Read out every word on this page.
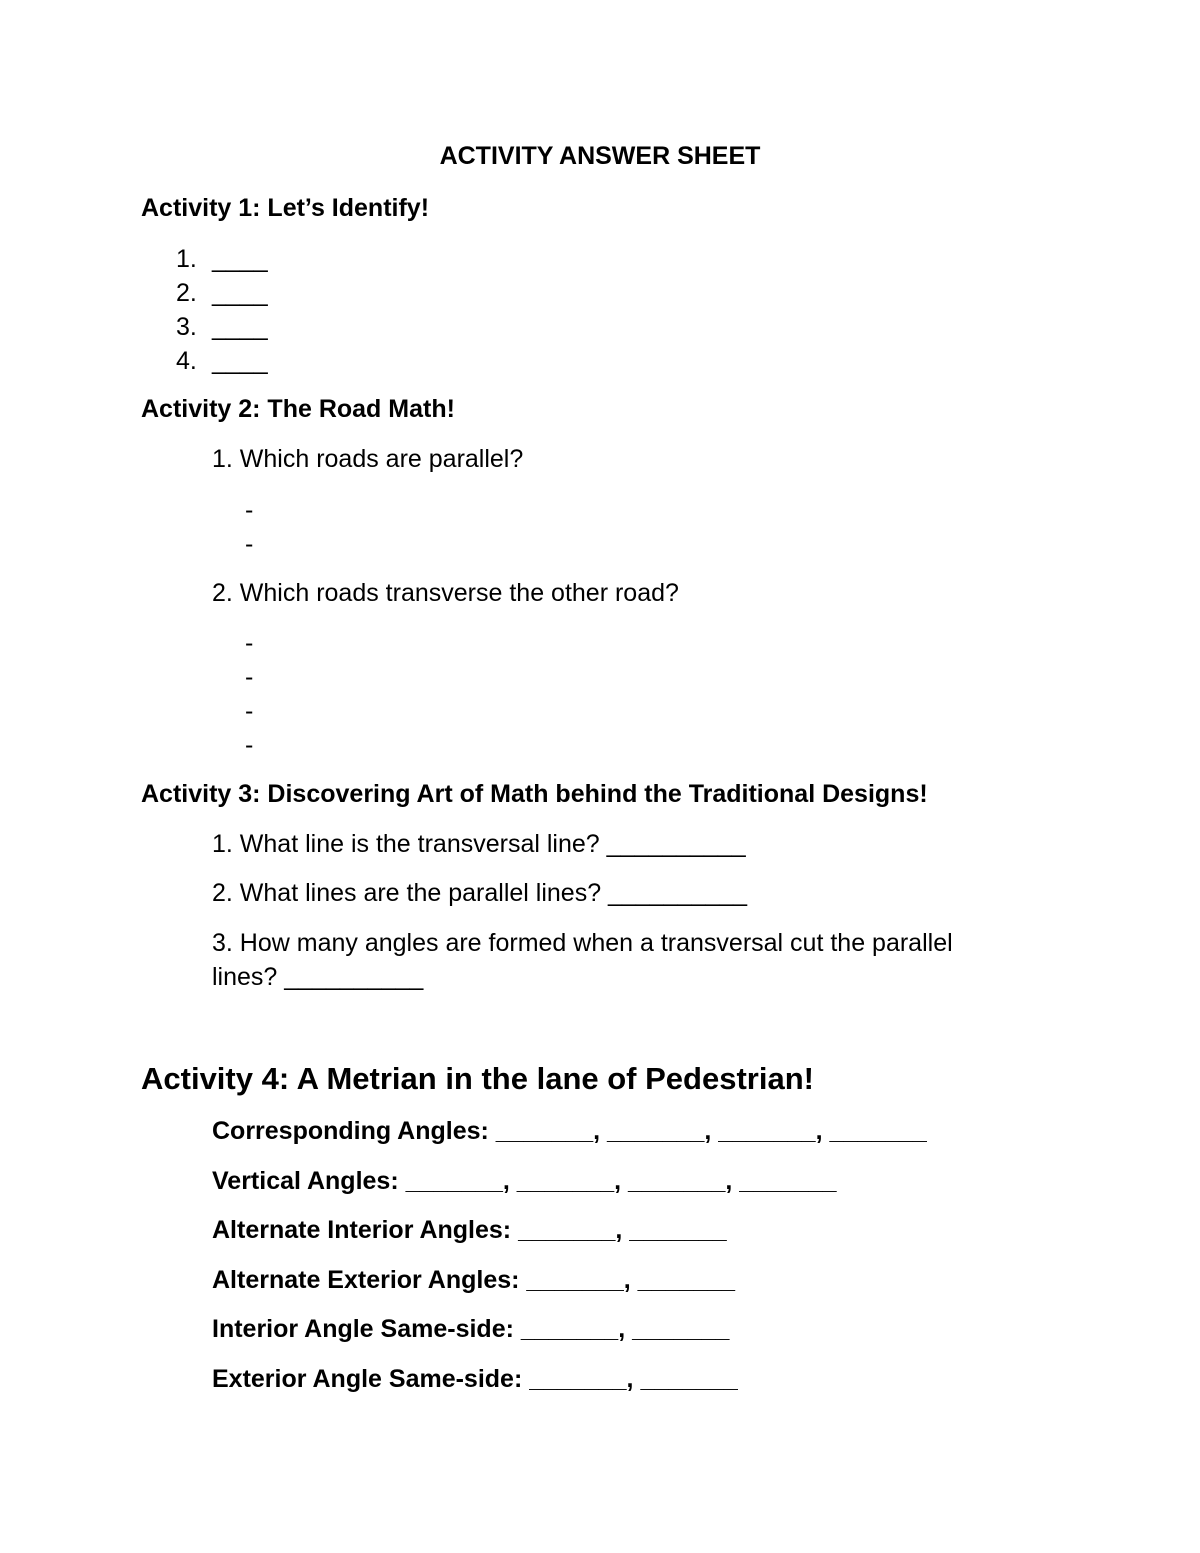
ACTIVITY ANSWER SHEET
Activity 1: Let’s Identify!
1. ____
2. ____
3. ____
4. ____
Activity 2: The Road Math!
1. Which roads are parallel?
-
-
2. Which roads transverse the other road?
-
-
-
-
Activity 3: Discovering Art of Math behind the Traditional Designs!
1. What line is the transversal line? __________
2. What lines are the parallel lines? __________
3. How many angles are formed when a transversal cut the parallel
lines? __________
Activity 4: A Metrian in the lane of Pedestrian!
Corresponding Angles: _______, _______, _______, _______
Vertical Angles: _______, _______, _______, _______
Alternate Interior Angles: _______, _______
Alternate Exterior Angles: _______, _______
Interior Angle Same-side: _______, _______
Exterior Angle Same-side: _______, _______
